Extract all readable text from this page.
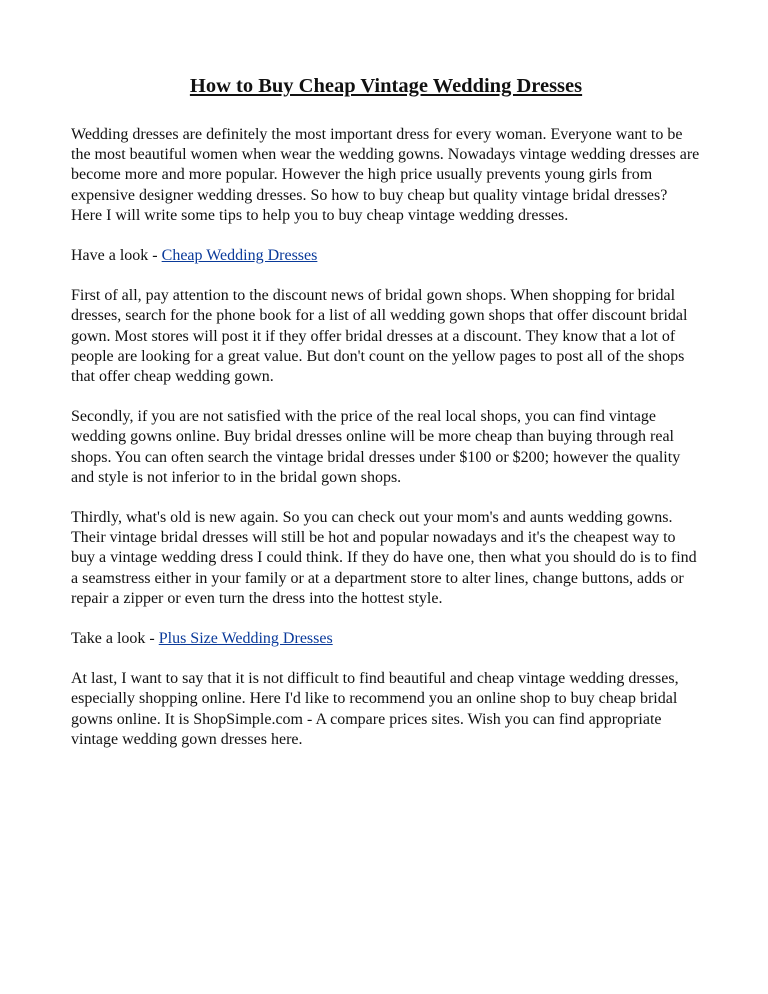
How to Buy Cheap Vintage Wedding Dresses

Wedding dresses are definitely the most important dress for every woman. Everyone want to be the most beautiful women when wear the wedding gowns. Nowadays vintage wedding dresses are become more and more popular. However the high price usually prevents young girls from expensive designer wedding dresses. So how to buy cheap but quality vintage bridal dresses? Here I will write some tips to help you to buy cheap vintage wedding dresses.

Have a look - Cheap Wedding Dresses

First of all, pay attention to the discount news of bridal gown shops. When shopping for bridal dresses, search for the phone book for a list of all wedding gown shops that offer discount bridal gown. Most stores will post it if they offer bridal dresses at a discount. They know that a lot of people are looking for a great value. But don't count on the yellow pages to post all of the shops that offer cheap wedding gown.

Secondly, if you are not satisfied with the price of the real local shops, you can find vintage wedding gowns online. Buy bridal dresses online will be more cheap than buying through real shops. You can often search the vintage bridal dresses under $100 or $200; however the quality and style is not inferior to in the bridal gown shops.

Thirdly, what's old is new again. So you can check out your mom's and aunts wedding gowns. Their vintage bridal dresses will still be hot and popular nowadays and it's the cheapest way to buy a vintage wedding dress I could think. If they do have one, then what you should do is to find a seamstress either in your family or at a department store to alter lines, change buttons, adds or repair a zipper or even turn the dress into the hottest style.

Take a look - Plus Size Wedding Dresses

At last, I want to say that it is not difficult to find beautiful and cheap vintage wedding dresses, especially shopping online. Here I'd like to recommend you an online shop to buy cheap bridal gowns online. It is ShopSimple.com - A compare prices sites. Wish you can find appropriate vintage wedding gown dresses here.
